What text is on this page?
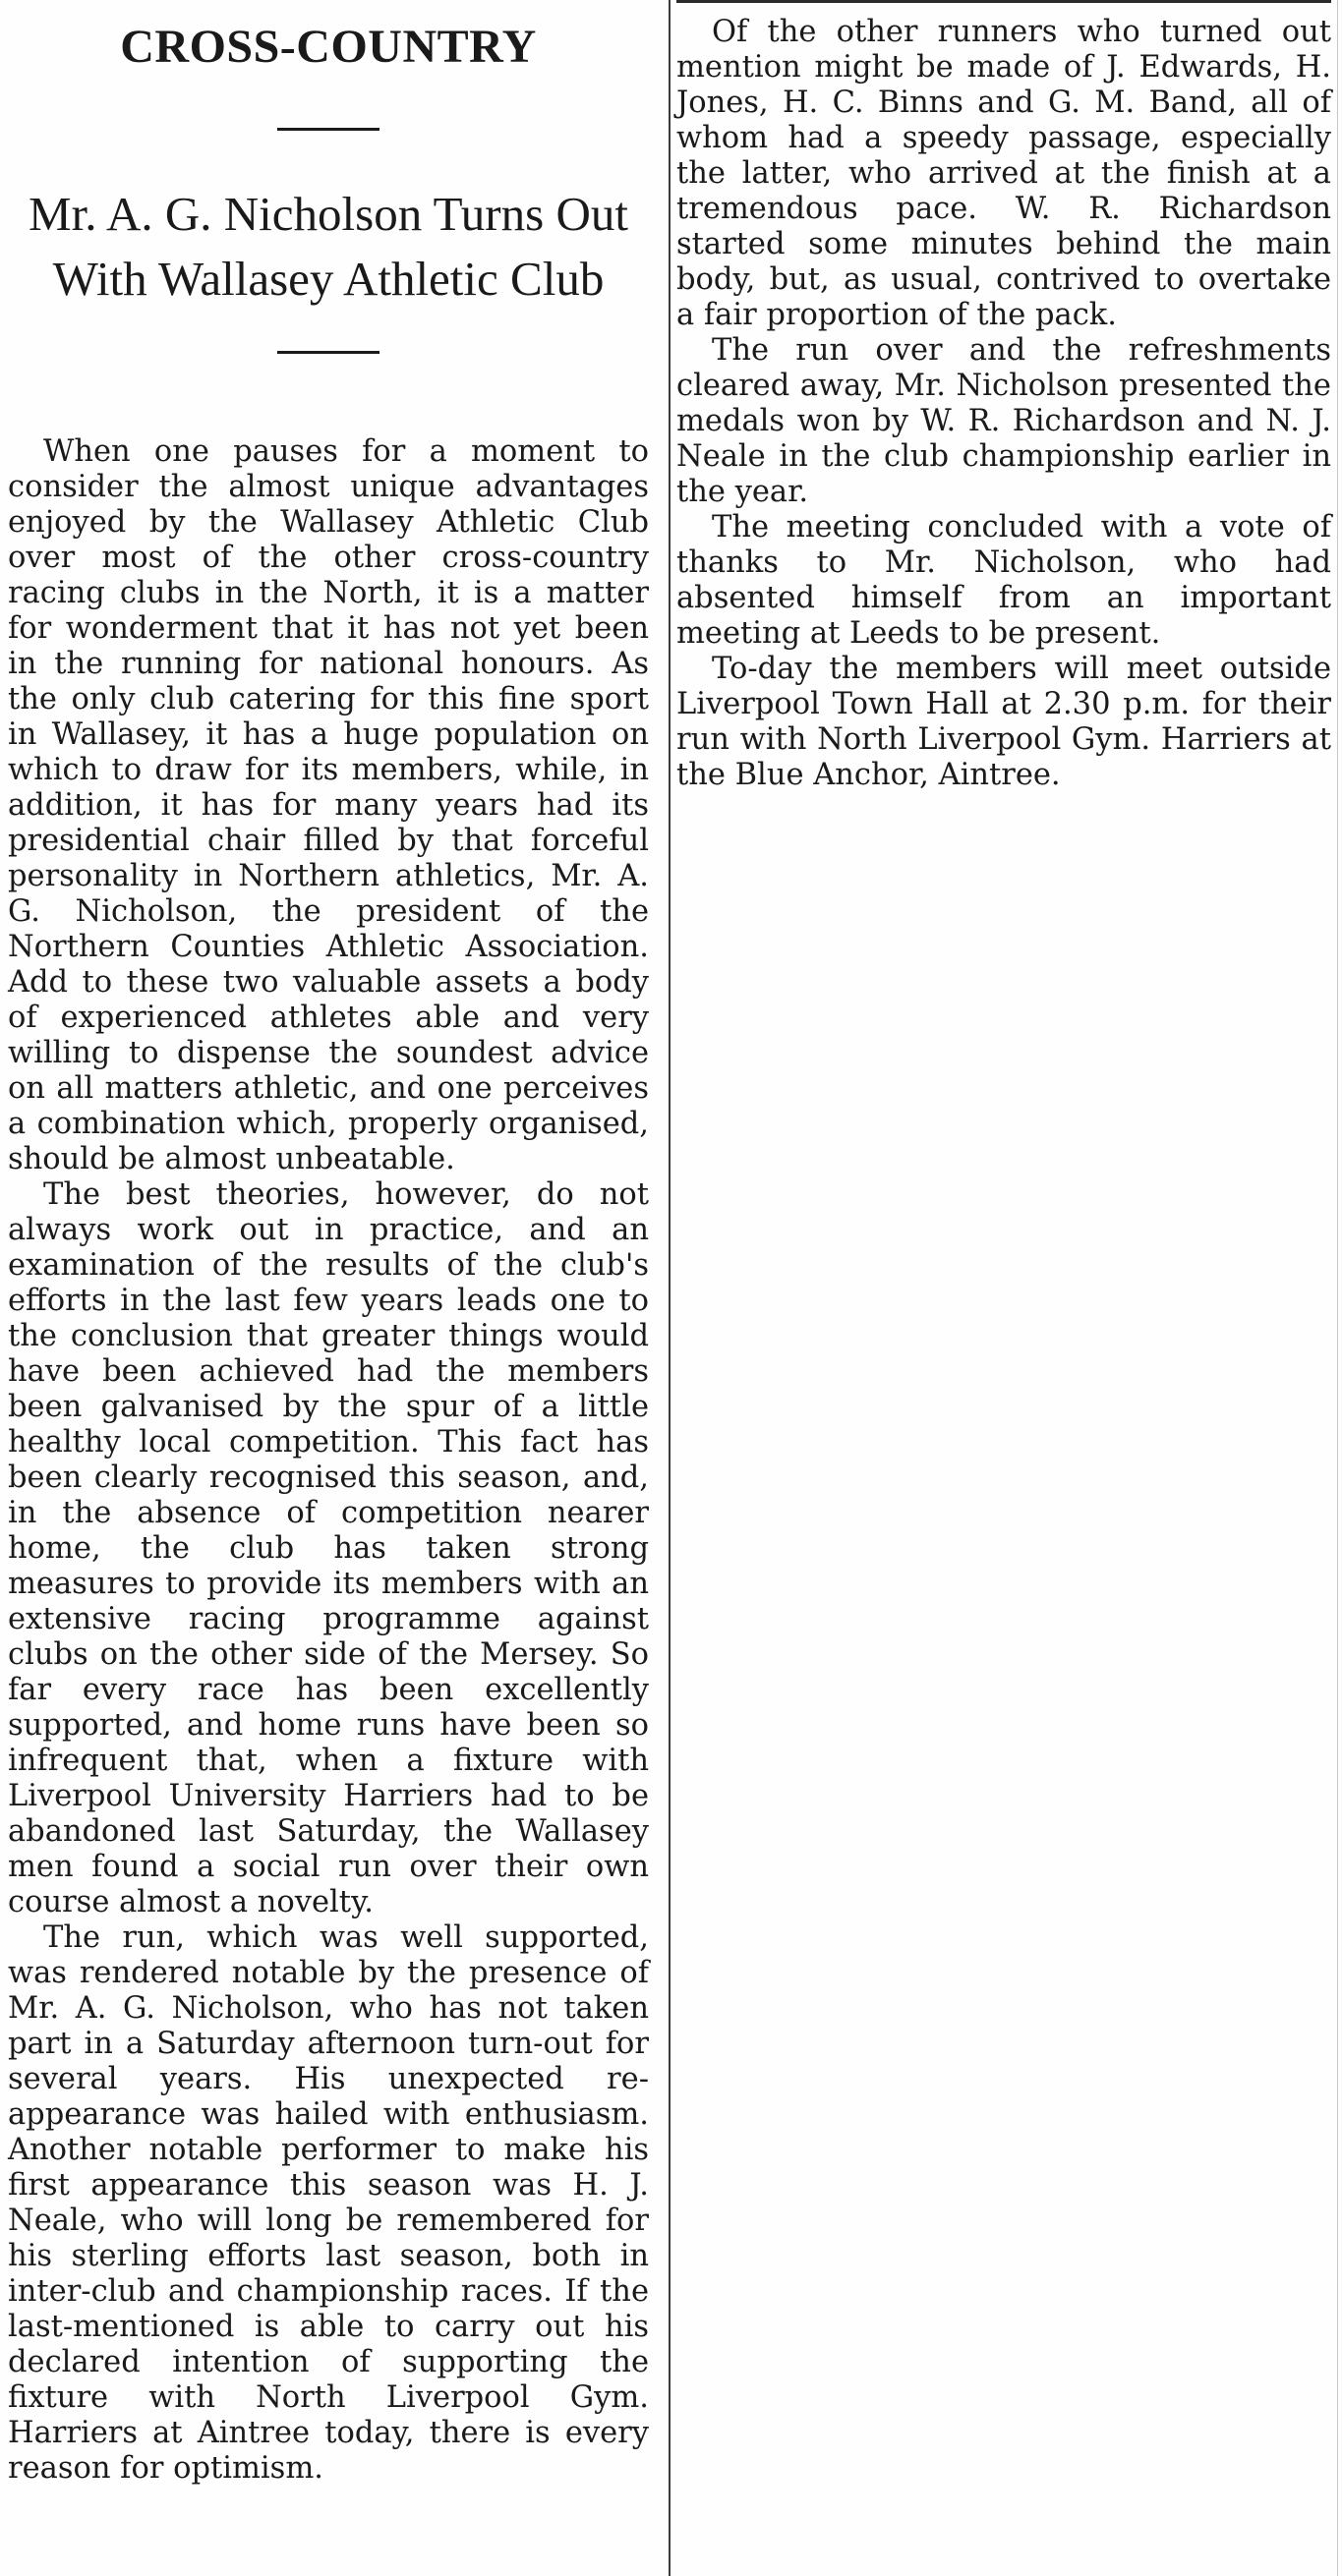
CROSS-COUNTRY
Mr. A. G. Nicholson Turns Out With Wallasey Athletic Club

When one pauses for a moment to consider the almost unique advantages enjoyed by the Wallasey Athletic Club over most of the other cross-country racing clubs in the North, it is a matter for wonderment that it has not yet been in the running for national honours. As the only club catering for this fine sport in Wallasey, it has a huge population on which to draw for its members, while, in addition, it has for many years had its presidential chair filled by that forceful personality in Northern athletics, Mr. A. G. Nicholson, the president of the Northern Counties Athletic Association. Add to these two valuable assets a body of experienced athletes able and very willing to dispense the soundest advice on all matters athletic, and one perceives a combination which, properly organised, should be almost unbeatable.

The best theories, however, do not always work out in practice, and an examination of the results of the club's efforts in the last few years leads one to the conclusion that greater things would have been achieved had the members been galvanised by the spur of a little healthy local competition. This fact has been clearly recognised this season, and, in the absence of competition nearer home, the club has taken strong measures to provide its members with an extensive racing programme against clubs on the other side of the Mersey. So far every race has been excellently supported, and home runs have been so infrequent that, when a fixture with Liverpool University Harriers had to be abandoned last Saturday, the Wallasey men found a social run over their own course almost a novelty.

The run, which was well supported, was rendered notable by the presence of Mr. A. G. Nicholson, who has not taken part in a Saturday afternoon turn-out for several years. His unexpected re-appearance was hailed with enthusiasm. Another notable performer to make his first appearance this season was H. J. Neale, who will long be remembered for his sterling efforts last season, both in inter-club and championship races. If the last-mentioned is able to carry out his declared intention of supporting the fixture with North Liverpool Gym. Harriers at Aintree today, there is every reason for optimism.

Of the other runners who turned out mention might be made of J. Edwards, H. Jones, H. C. Binns and G. M. Band, all of whom had a speedy passage, especially the latter, who arrived at the finish at a tremendous pace. W. R. Richardson started some minutes behind the main body, but, as usual, contrived to overtake a fair proportion of the pack.

The run over and the refreshments cleared away, Mr. Nicholson presented the medals won by W. R. Richardson and N. J. Neale in the club championship earlier in the year.

The meeting concluded with a vote of thanks to Mr. Nicholson, who had absented himself from an important meeting at Leeds to be present.

To-day the members will meet outside Liverpool Town Hall at 2.30 p.m. for their run with North Liverpool Gym. Harriers at the Blue Anchor, Aintree.
